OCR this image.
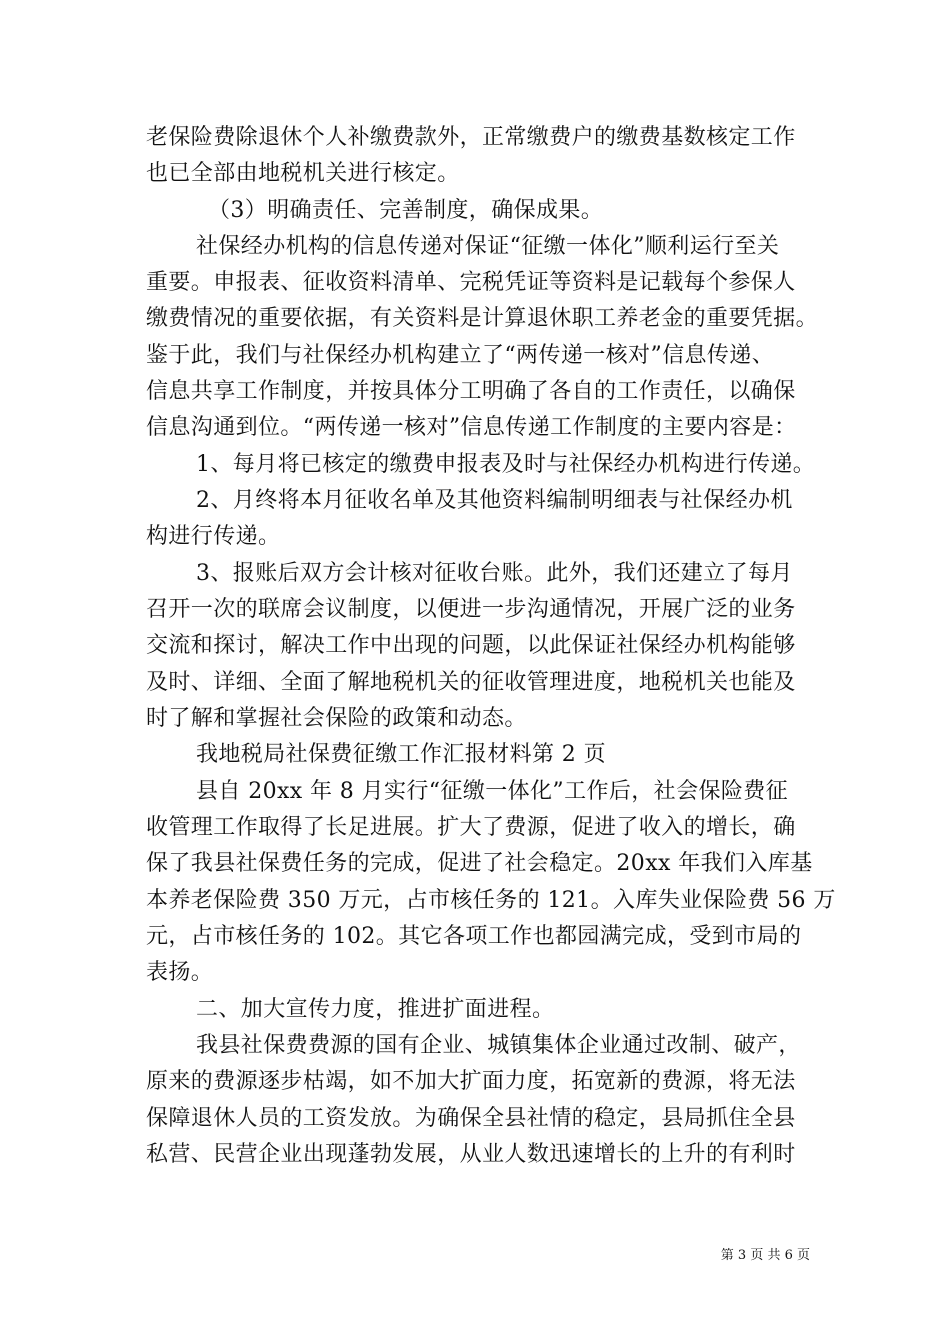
老保险费除退休个人补缴费款外，正常缴费户的缴费基数核定工作
也已全部由地税机关进行核定。
（3）明确责任、完善制度，确保成果。
社保经办机构的信息传递对保证“征缴一体化”顺利运行至关
重要。申报表、征收资料清单、完税凭证等资料是记载每个参保人
缴费情况的重要依据，有关资料是计算退休职工养老金的重要凭据。
鉴于此，我们与社保经办机构建立了“两传递一核对”信息传递、
信息共享工作制度，并按具体分工明确了各自的工作责任，以确保
信息沟通到位。“两传递一核对”信息传递工作制度的主要内容是：
1、每月将已核定的缴费申报表及时与社保经办机构进行传递。
2、月终将本月征收名单及其他资料编制明细表与社保经办机
构进行传递。
3、报账后双方会计核对征收台账。此外，我们还建立了每月
召开一次的联席会议制度，以便进一步沟通情况，开展广泛的业务
交流和探讨，解决工作中出现的问题，以此保证社保经办机构能够
及时、详细、全面了解地税机关的征收管理进度，地税机关也能及
时了解和掌握社会保险的政策和动态。
我地税局社保费征缴工作汇报材料第 2 页
县自 20xx 年 8 月实行“征缴一体化”工作后，社会保险费征
收管理工作取得了长足进展。扩大了费源，促进了收入的增长，确
保了我县社保费任务的完成，促进了社会稳定。20xx 年我们入库基
本养老保险费 350 万元，占市核任务的 121。入库失业保险费 56 万
元，占市核任务的 102。其它各项工作也都园满完成，受到市局的
表扬。
二、加大宣传力度，推进扩面进程。
我县社保费费源的国有企业、城镇集体企业通过改制、破产，
原来的费源逐步枯竭，如不加大扩面力度，拓宽新的费源，将无法
保障退休人员的工资发放。为确保全县社情的稳定，县局抓住全县
私营、民营企业出现蓬勃发展，从业人数迅速增长的上升的有利时
第 3 页 共 6 页
